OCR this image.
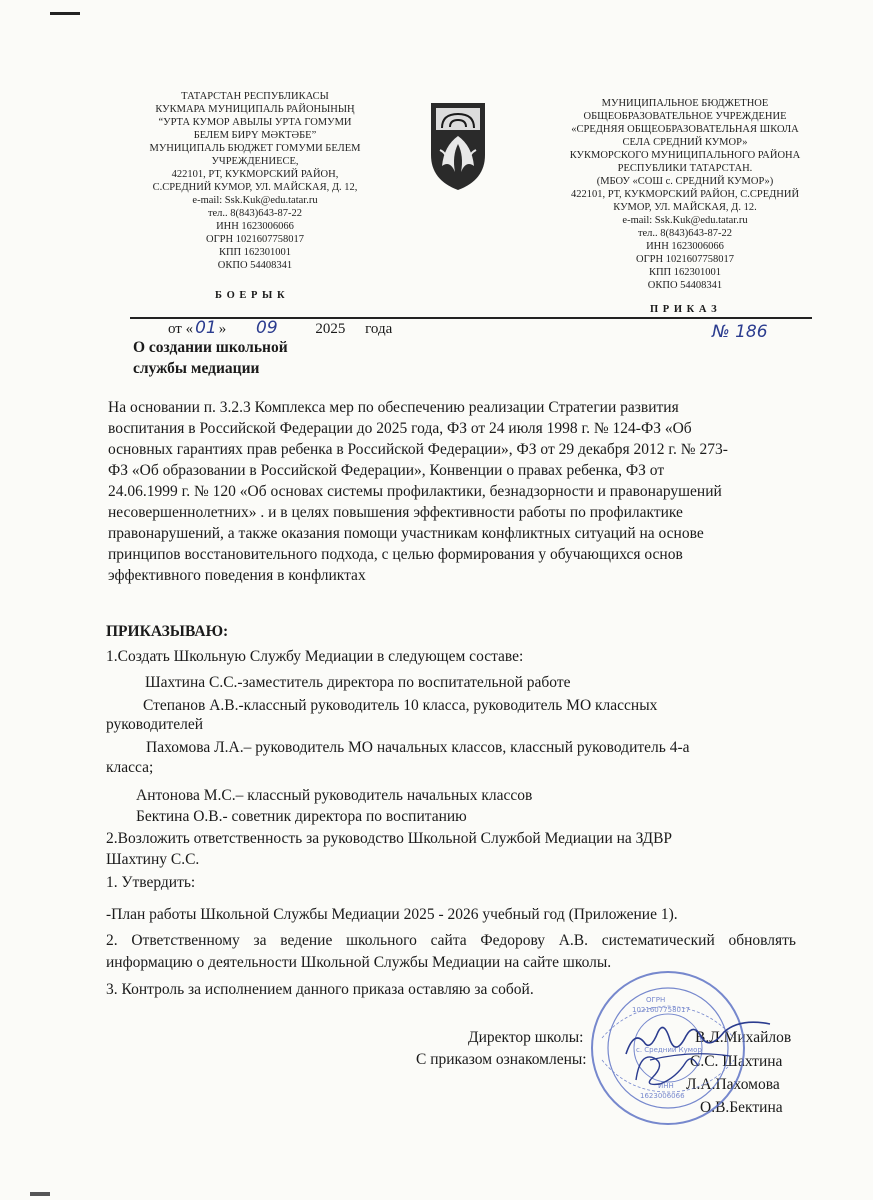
ТАТАРСТАН РЕСПУБЛИКАСЫ
КУКМАРА МУНИЦИПАЛЬ РАЙОНЫНЫҢ
“УРТА КУМОР АВЫЛЫ УРТА ГОМУМИ
БЕЛЕМ БИРҮ МӘКТӘБЕ”
МУНИЦИПАЛЬ БЮДЖЕТ ГОМУМИ БЕЛЕМ
УЧРЕЖДЕНИЕСЕ,
422101, РТ, КУКМОРСКИЙ РАЙОН,
С.СРЕДНИЙ КУМОР, УЛ. МАЙСКАЯ, Д. 12,
e-mail: Ssk.Kuk@edu.tatar.ru
тел.. 8(843)643-87-22
ИНН 1623006066
ОГРН 1021607758017
КПП 162301001
ОКПО 54408341
МУНИЦИПАЛЬНОЕ БЮДЖЕТНОЕ
ОБЩЕОБРАЗОВАТЕЛЬНОЕ УЧРЕЖДЕНИЕ
«СРЕДНЯЯ ОБЩЕОБРАЗОВАТЕЛЬНАЯ ШКОЛА
СЕЛА СРЕДНИЙ КУМОР»
КУКМОРСКОГО МУНИЦИПАЛЬНОГО РАЙОНА
РЕСПУБЛИКИ ТАТАРСТАН.
(МБОУ «СОШ с. СРЕДНИЙ КУМОР»)
422101, РТ, КУКМОРСКИЙ РАЙОН, С.СРЕДНИЙ
КУМОР, УЛ. МАЙСКАЯ, Д. 12.
e-mail: Ssk.Kuk@edu.tatar.ru
тел.. 8(843)643-87-22
ИНН 1623006066
ОГРН 1021607758017
КПП 162301001
ОКПО 54408341
Б О Е Р Ы К
П Р И К А З
от « 01 » 09	2025 года	№ 186
О создании школьной
службы медиации
На основании п. 3.2.3 Комплекса мер по обеспечению реализации Стратегии развития
воспитания в Российской Федерации до 2025 года, ФЗ от 24 июля 1998 г. № 124-ФЗ «Об
основных гарантиях прав ребенка в Российской Федерации», ФЗ от 29 декабря 2012 г. № 273-
ФЗ «Об образовании в Российской Федерации», Конвенции о правах ребенка, ФЗ от
24.06.1999 г. № 120 «Об основах системы профилактики, безнадзорности и правонарушений
несовершеннолетних» . и в целях повышения эффективности работы по профилактике
правонарушений, а также оказания помощи участникам конфликтных ситуаций на основе
принципов восстановительного подхода, с целью формирования у обучающихся основ
эффективного поведения в конфликтах
ПРИКАЗЫВАЮ:
1.Создать Школьную Службу Медиации в следующем составе:
Шахтина С.С.-заместитель директора по воспитательной работе
Степанов А.В.-классный руководитель 10 класса, руководитель МО классных
руководителей
Пахомова Л.А.– руководитель МО начальных классов, классный руководитель 4-а
класса;
Антонова М.С.– классный руководитель начальных классов
Бектина О.В.- советник директора по воспитанию
2.Возложить ответственность за руководство Школьной Службой Медиации на ЗДВР
Шахтину С.С.
1. Утвердить:
-План работы Школьной Службы Медиации 2025 - 2026 учебный год (Приложение 1).
2. Ответственному за ведение школьного сайта Федорову А.В. систематический обновлять
информацию о деятельности Школьной Службы Медиации на сайте школы.
3. Контроль за исполнением данного приказа оставляю за собой.
Директор школы:	В.Л.Михайлов
С приказом ознакомлены:	С.С. Шахтина
Л.А.Пахомова
О.В.Бектина
ОГРН
1021607758017
с. Средний Кумор
ИНН
1623006066
